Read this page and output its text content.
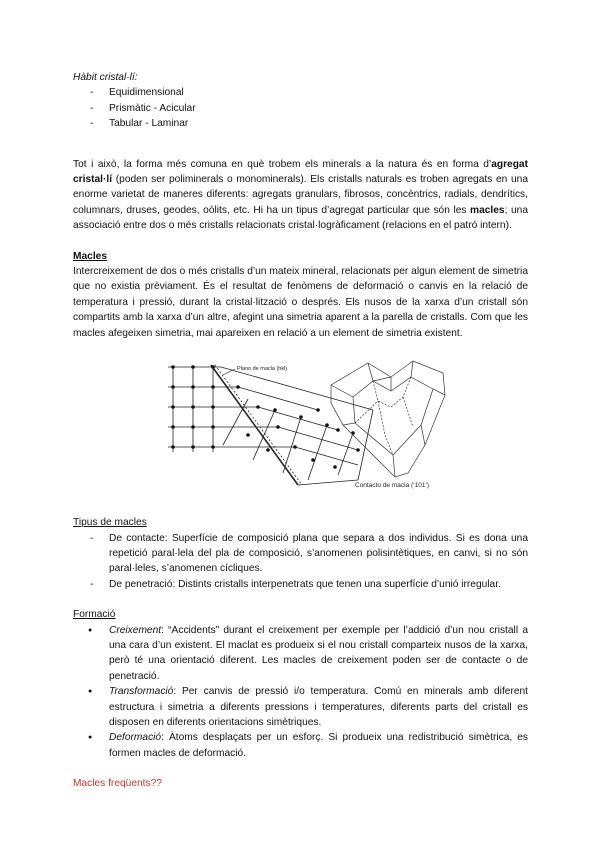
Hàbit cristal·lí:
- Equidimensional
- Prismàtic - Acicular
- Tabular - Laminar

Tot i això, la forma més comuna en què trobem els minerals a la natura és en forma d’agregat cristal·lí (poden ser poliminerals o monominerals). Els cristalls naturals es troben agregats en una enorme varietat de maneres diferents: agregats granulars, fibrosos, concèntrics, radials, dendrítics, columnars, druses, geodes, oòlits, etc. Hi ha un tipus d’agregat particular que són les macles; una associació entre dos o més cristalls relacionats cristal·logràficament (relacions en el patró intern).

Macles

Intercreixement de dos o més cristalls d’un mateix mineral, relacionats per algun element de simetria que no existia prèviament. És el resultat de fenòmens de deformació o canvis en la relació de temperatura i pressió, durant la cristal·lització o després. Els nusos de la xarxa d’un cristall són compartits amb la xarxa d’un altre, afegint una simetria aparent a la parella de cristalls. Com que les macles afegeixen simetria, mai apareixen en relació a un element de simetria existent.

Plano de macla (hkl)
Contacto de macla (‘101’)
Tipus de macles
- De contacte: Superfície de composició plana que separa a dos individus. Si es dona una repetició paral·lela del pla de composició, s’anomenen polisintètiques, en canvi, si no són paral·leles, s’anomenen cícliques.
- De penetració: Distints cristalls interpenetrats que tenen una superfície d’unió irregular.
Formació
● Creixement: “Accidents” durant el creixement per exemple per l’addició d’un nou cristall a una cara d’un existent. El maclat es produeix si el nou cristall comparteix nusos de la xarxa, però té una orientació diferent. Les macles de creixement poden ser de contacte o de penetració.
● Transformació: Per canvis de pressió i/o temperatura. Comú en minerals amb diferent estructura i simetria a diferents pressions i temperatures, diferents parts del cristall es disposen en diferents orientacions simètriques.
● Deformació: Àtoms desplaçats per un esforç. Si produeix una redistribució simètrica, es formen macles de deformació.
Macles freqüents??
